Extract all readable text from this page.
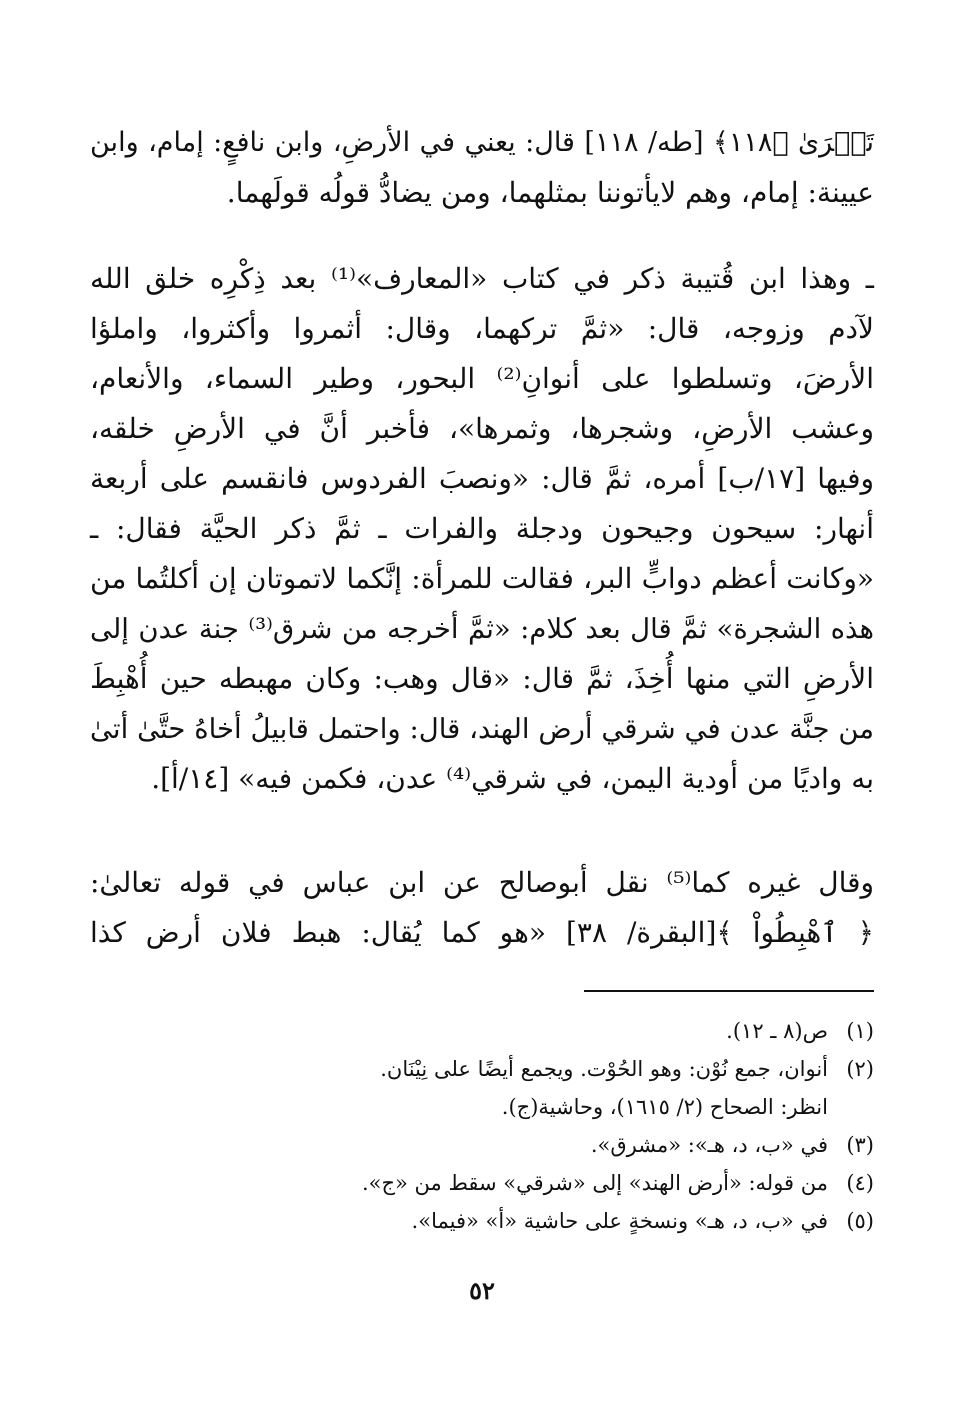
تَعۡرَىٰ ﴿١١٨﴾ [طه/ ١١٨] قال: يعني في الأرضِ، وابن نافعٍ: إمام، وابن
عيينة: إمام، وهم لايأتوننا بمثلهما، ومن يضادُّ قولُه قولَهما.
ـ وهذا ابن قُتيبة ذكر في كتاب «المعارف»⁽¹⁾ بعد ذِكْرِه خلق الله
لآدم وزوجه، قال: «ثمَّ تركهما، وقال: أثمروا وأكثروا، واملؤا
الأرضَ، وتسلطوا على أنوانِ⁽²⁾ البحور، وطير السماء، والأنعام،
وعشب الأرضِ، وشجرها، وثمرها»، فأخبر أنَّ في الأرضِ خلقه،
وفيها [١٧/ب] أمره، ثمَّ قال: «ونصبَ الفردوس فانقسم على أربعة
أنهار: سيحون وجيحون ودجلة والفرات ـ ثمَّ ذكر الحيَّة فقال: ـ
«وكانت أعظم دوابٍّ البر، فقالت للمرأة: إنَّكما لاتموتان إن أكلتُما من
هذه الشجرة» ثمَّ قال بعد كلام: «ثمَّ أخرجه من شرق⁽³⁾ جنة عدن إلى
الأرضِ التي منها أُخِذَ، ثمَّ قال: «قال وهب: وكان مهبطه حين أُهْبِطَ
من جنَّة عدن في شرقي أرض الهند، قال: واحتمل قابيلُ أخاهُ حتَّىٰ أتىٰ
به واديًا من أودية اليمن، في شرقي⁽⁴⁾ عدن، فكمن فيه» [١٤/أ].
وقال غيره كما⁽⁵⁾ نقل أبوصالح عن ابن عباس في قوله تعالىٰ:
﴿ ٱهْبِطُواْ ﴾[البقرة/ ٣٨] «هو كما يُقال: هبط فلان أرض كذا
(١)
ص(٨ ـ ١٢).
(٢)
أنوان، جمع نُوْن: وهو الحُوْت. ويجمع أيضًا على نِيْنَان.
انظر: الصحاح (٢/ ١٦١٥)، وحاشية(ج).
(٣)
في «ب، د، هـ»: «مشرق».
(٤)
من قوله: «أرض الهند» إلى «شرقي» سقط من «ج».
(٥)
في «ب، د، هـ» ونسخةٍ على حاشية «أ» «فيما».
٥٢
